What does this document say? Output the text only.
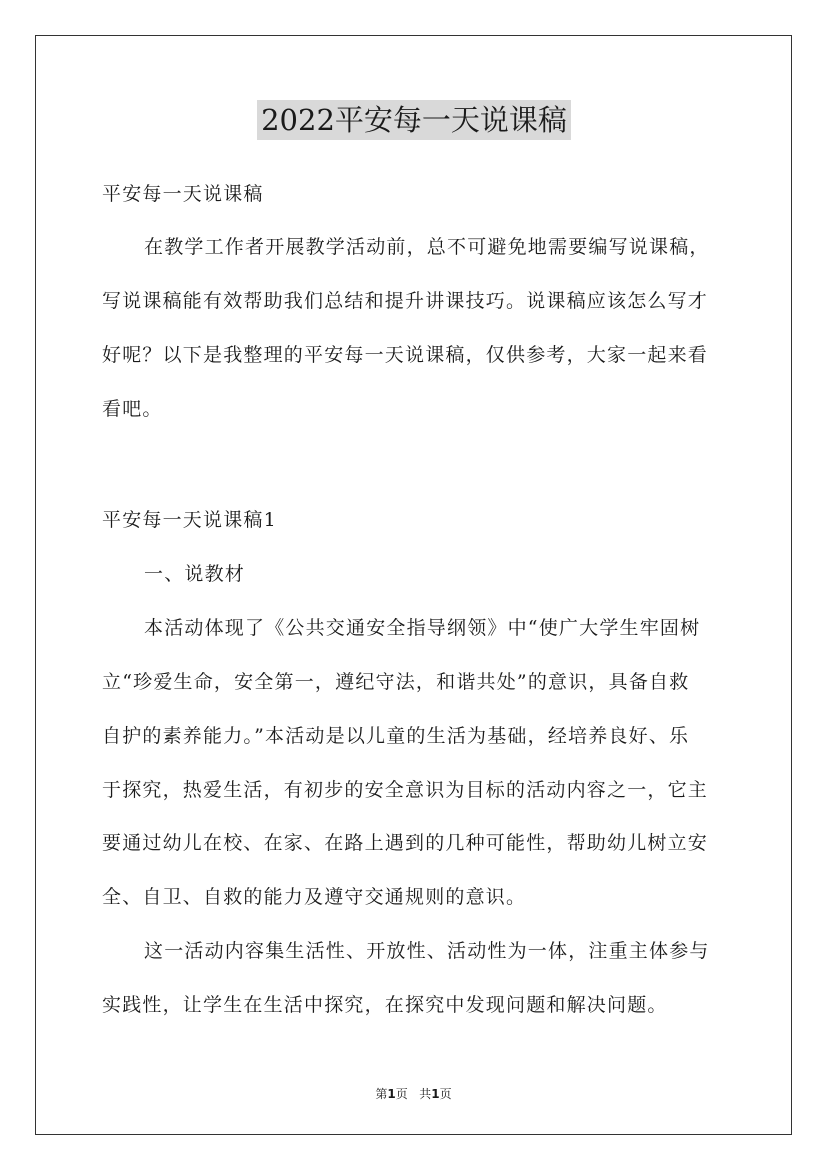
2022平安每一天说课稿
平安每一天说课稿
在教学工作者开展教学活动前，总不可避免地需要编写说课稿，
写说课稿能有效帮助我们总结和提升讲课技巧。说课稿应该怎么写才
好呢？以下是我整理的平安每一天说课稿，仅供参考，大家一起来看
看吧。
平安每一天说课稿1
一、说教材
本活动体现了《公共交通安全指导纲领》中“使广大学生牢固树
立“珍爱生命，安全第一，遵纪守法，和谐共处”的意识，具备自救
自护的素养能力。”本活动是以儿童的生活为基础，经培养良好、乐
于探究，热爱生活，有初步的安全意识为目标的活动内容之一，它主
要通过幼儿在校、在家、在路上遇到的几种可能性，帮助幼儿树立安
全、自卫、自救的能力及遵守交通规则的意识。
这一活动内容集生活性、开放性、活动性为一体，注重主体参与
实践性，让学生在生活中探究，在探究中发现问题和解决问题。
第1页 共1页
